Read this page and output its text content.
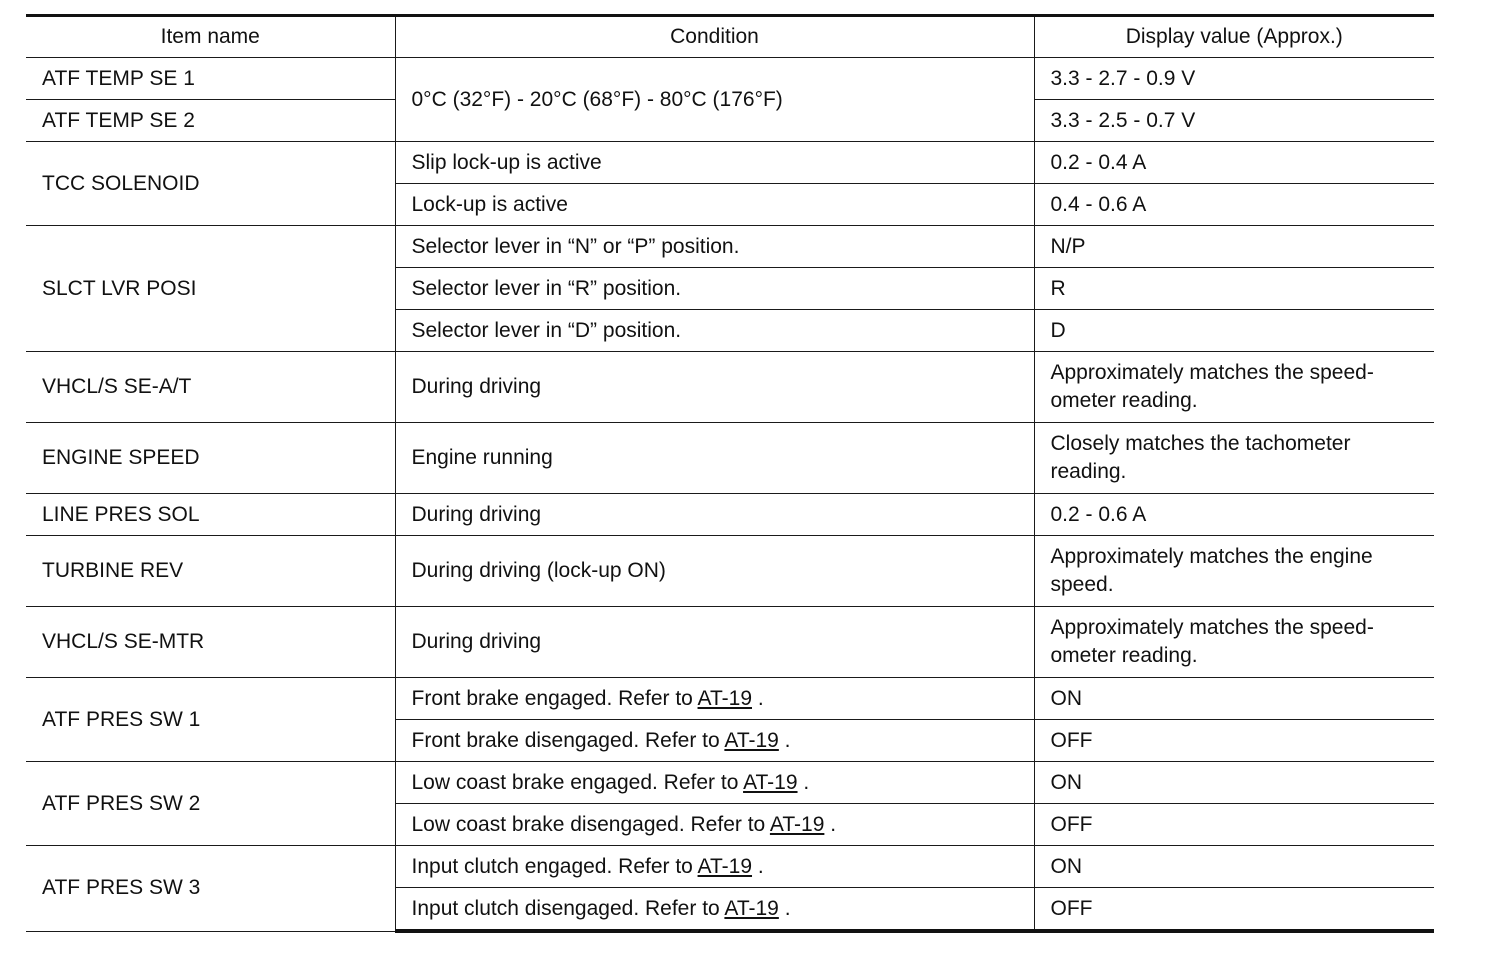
Item name	Condition	Display value (Approx.)
ATF TEMP SE 1	0°C (32°F) - 20°C (68°F) - 80°C (176°F)	3.3 - 2.7 - 0.9 V
ATF TEMP SE 2		3.3 - 2.5 - 0.7 V
TCC SOLENOID	Slip lock-up is active	0.2 - 0.4 A
	Lock-up is active	0.4 - 0.6 A
SLCT LVR POSI	Selector lever in “N” or “P” position.	N/P
	Selector lever in “R” position.	R
	Selector lever in “D” position.	D
VHCL/S SE-A/T	During driving	Approximately matches the speed-ometer reading.
ENGINE SPEED	Engine running	Closely matches the tachometer reading.
LINE PRES SOL	During driving	0.2 - 0.6 A
TURBINE REV	During driving (lock-up ON)	Approximately matches the engine speed.
VHCL/S SE-MTR	During driving	Approximately matches the speed-ometer reading.
ATF PRES SW 1	Front brake engaged. Refer to AT-19 .	ON
	Front brake disengaged. Refer to AT-19 .	OFF
ATF PRES SW 2	Low coast brake engaged. Refer to AT-19 .	ON
	Low coast brake disengaged. Refer to AT-19 .	OFF
ATF PRES SW 3	Input clutch engaged. Refer to AT-19 .	ON
	Input clutch disengaged. Refer to AT-19 .	OFF
